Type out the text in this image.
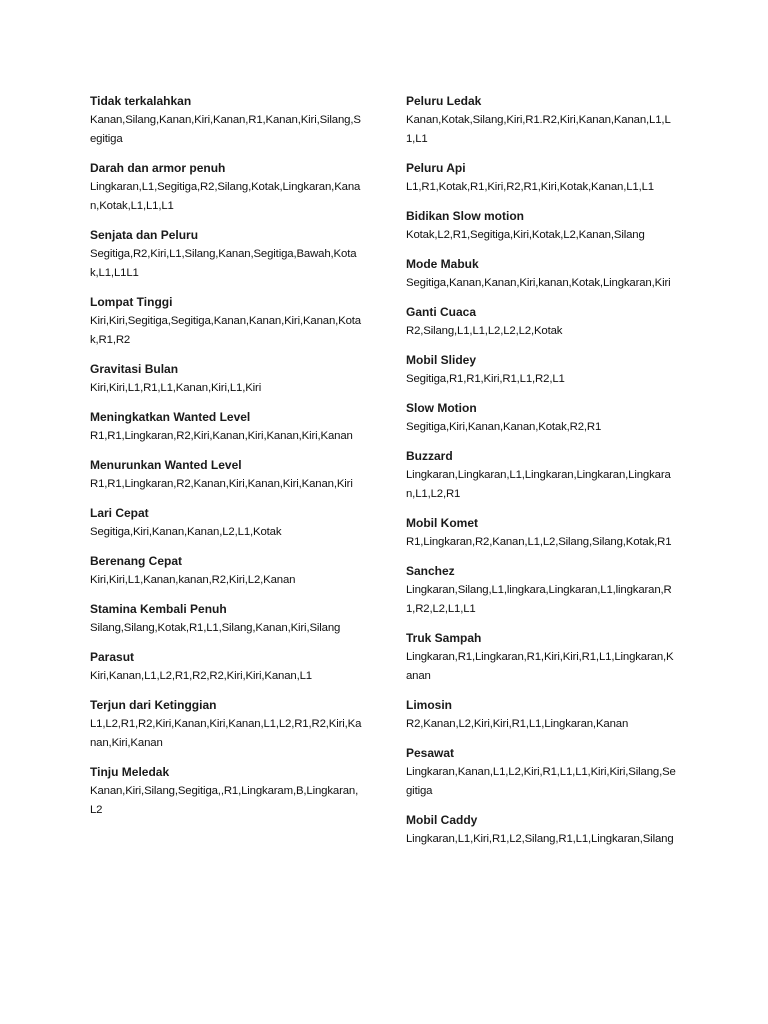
Tidak terkalahkan
Kanan,Silang,Kanan,Kiri,Kanan,R1,Kanan,Kiri,Silang,Segitiga
Darah dan armor penuh
Lingkaran,L1,Segitiga,R2,Silang,Kotak,Lingkaran,Kanan,Kotak,L1,L1,L1
Senjata dan Peluru
Segitiga,R2,Kiri,L1,Silang,Kanan,Segitiga,Bawah,Kotak,L1,L1L1
Lompat Tinggi
Kiri,Kiri,Segitiga,Segitiga,Kanan,Kanan,Kiri,Kanan,Kotak,R1,R2
Gravitasi Bulan
Kiri,Kiri,L1,R1,L1,Kanan,Kiri,L1,Kiri
Meningkatkan Wanted Level
R1,R1,Lingkaran,R2,Kiri,Kanan,Kiri,Kanan,Kiri,Kanan
Menurunkan Wanted Level
R1,R1,Lingkaran,R2,Kanan,Kiri,Kanan,Kiri,Kanan,Kiri
Lari Cepat
Segitiga,Kiri,Kanan,Kanan,L2,L1,Kotak
Berenang Cepat
Kiri,Kiri,L1,Kanan,kanan,R2,Kiri,L2,Kanan
Stamina Kembali Penuh
Silang,Silang,Kotak,R1,L1,Silang,Kanan,Kiri,Silang
Parasut
Kiri,Kanan,L1,L2,R1,R2,R2,Kiri,Kiri,Kanan,L1
Terjun dari Ketinggian
L1,L2,R1,R2,Kiri,Kanan,Kiri,Kanan,L1,L2,R1,R2,Kiri,Kanan,Kiri,Kanan
Tinju Meledak
Kanan,Kiri,Silang,Segitiga,,R1,Lingkaram,B,Lingkaran,L2
Peluru Ledak
Kanan,Kotak,Silang,Kiri,R1.R2,Kiri,Kanan,Kanan,L1,L1,L1
Peluru Api
L1,R1,Kotak,R1,Kiri,R2,R1,Kiri,Kotak,Kanan,L1,L1
Bidikan Slow motion
Kotak,L2,R1,Segitiga,Kiri,Kotak,L2,Kanan,Silang
Mode Mabuk
Segitiga,Kanan,Kanan,Kiri,kanan,Kotak,Lingkaran,Kiri
Ganti Cuaca
R2,Silang,L1,L1,L2,L2,L2,Kotak
Mobil Slidey
Segitiga,R1,R1,Kiri,R1,L1,R2,L1
Slow Motion
Segitiga,Kiri,Kanan,Kanan,Kotak,R2,R1
Buzzard
Lingkaran,Lingkaran,L1,Lingkaran,Lingkaran,Lingkaran,L1,L2,R1
Mobil Komet
R1,Lingkaran,R2,Kanan,L1,L2,Silang,Silang,Kotak,R1
Sanchez
Lingkaran,Silang,L1,lingkara,Lingkaran,L1,lingkaran,R1,R2,L2,L1,L1
Truk Sampah
Lingkaran,R1,Lingkaran,R1,Kiri,Kiri,R1,L1,Lingkaran,Kanan
Limosin
R2,Kanan,L2,Kiri,Kiri,R1,L1,Lingkaran,Kanan
Pesawat
Lingkaran,Kanan,L1,L2,Kiri,R1,L1,L1,Kiri,Kiri,Silang,Segitiga
Mobil Caddy
Lingkaran,L1,Kiri,R1,L2,Silang,R1,L1,Lingkaran,Silang
